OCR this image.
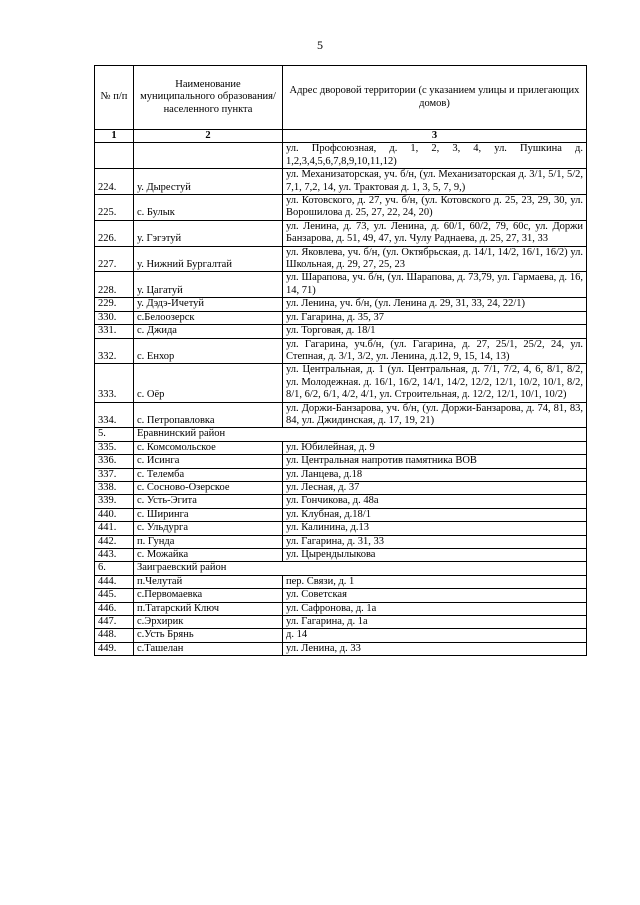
5
№ п/п	Наименование муниципального образования/населенного пункта	Адрес дворовой территории (с указанием улицы и прилегающих домов)
1	2	3
		ул. Профсоюзная, д. 1, 2, 3, 4, ул. Пушкина д. 1,2,3,4,5,6,7,8,9,10,11,12)
224.	у. Дырестуй	ул. Механизаторская, уч. б/н, (ул. Механизаторская д. 3/1, 5/1, 5/2, 7,1, 7,2, 14, ул. Трактовая д. 1, 3, 5, 7, 9,)
225.	с. Булык	ул. Котовского, д. 27, уч. б/н, (ул. Котовского д. 25, 23, 29, 30, ул. Ворошилова д. 25, 27, 22, 24, 20)
226.	у. Гэгэтуй	ул. Ленина, д. 73, ул. Ленина, д. 60/1, 60/2, 79, 60с, ул. Доржи Банзарова, д. 51, 49, 47, ул. Чулу Раднаева, д. 25, 27, 31, 33
227.	у. Нижний Бургалтай	ул. Яковлева, уч. б/н, (ул. Октябрьская, д. 14/1, 14/2, 16/1, 16/2) ул. Школьная, д. 29, 27, 25, 23
228.	у. Цагатуй	ул. Шарапова, уч. б/н, (ул. Шарапова, д. 73,79, ул. Гармаева, д. 16, 14, 71)
229.	у. Дэдэ-Ичетуй	ул. Ленина, уч. б/н, (ул. Ленина д. 29, 31, 33, 24, 22/1)
330.	с.Белоозерск	ул. Гагарина, д. 35, 37
331.	с. Джида	ул. Торговая, д. 18/1
332.	с. Енхор	ул. Гагарина, уч.б/н, (ул. Гагарина, д. 27, 25/1, 25/2, 24, ул. Степная, д. 3/1, 3/2, ул. Ленина, д.12, 9, 15, 14, 13)
333.	с. Оёр	ул. Центральная, д. 1 (ул. Центральная, д. 7/1, 7/2, 4, 6, 8/1, 8/2, ул. Молодежная. д. 16/1, 16/2, 14/1, 14/2, 12/2, 12/1, 10/2, 10/1, 8/2, 8/1, 6/2, 6/1, 4/2, 4/1, ул. Строительная, д. 12/2, 12/1, 10/1, 10/2)
334.	с. Петропавловка	ул. Доржи-Банзарова, уч. б/н, (ул. Доржи-Банзарова, д. 74, 81, 83, 84, ул. Джидинская, д. 17, 19, 21)
5.	Еравнинский район	
335.	с. Комсомольское	ул. Юбилейная, д. 9
336.	с. Исинга	ул. Центральная напротив памятника ВОВ
337.	с. Телемба	ул. Ланцева, д.18
338.	с. Сосново-Озерское	ул. Лесная, д. 37
339.	с. Усть-Эгита	ул. Гончикова, д. 48а
440.	с. Ширинга	ул. Клубная, д.18/1
441.	с. Ульдурга	ул. Калинина, д.13
442.	п. Гунда	ул. Гагарина, д. 31, 33
443.	с. Можайка	ул. Цырендылыкова
6.	Заиграевский район	
444.	п.Челутай	пер. Связи, д. 1
445.	с.Первомаевка	ул. Советская
446.	п.Татарский Ключ	ул. Сафронова, д. 1а
447.	с.Эрхирик	ул. Гагарина, д. 1а
448.	с.Усть Брянь	д. 14
449.	с.Ташелан	ул. Ленина, д. 33
